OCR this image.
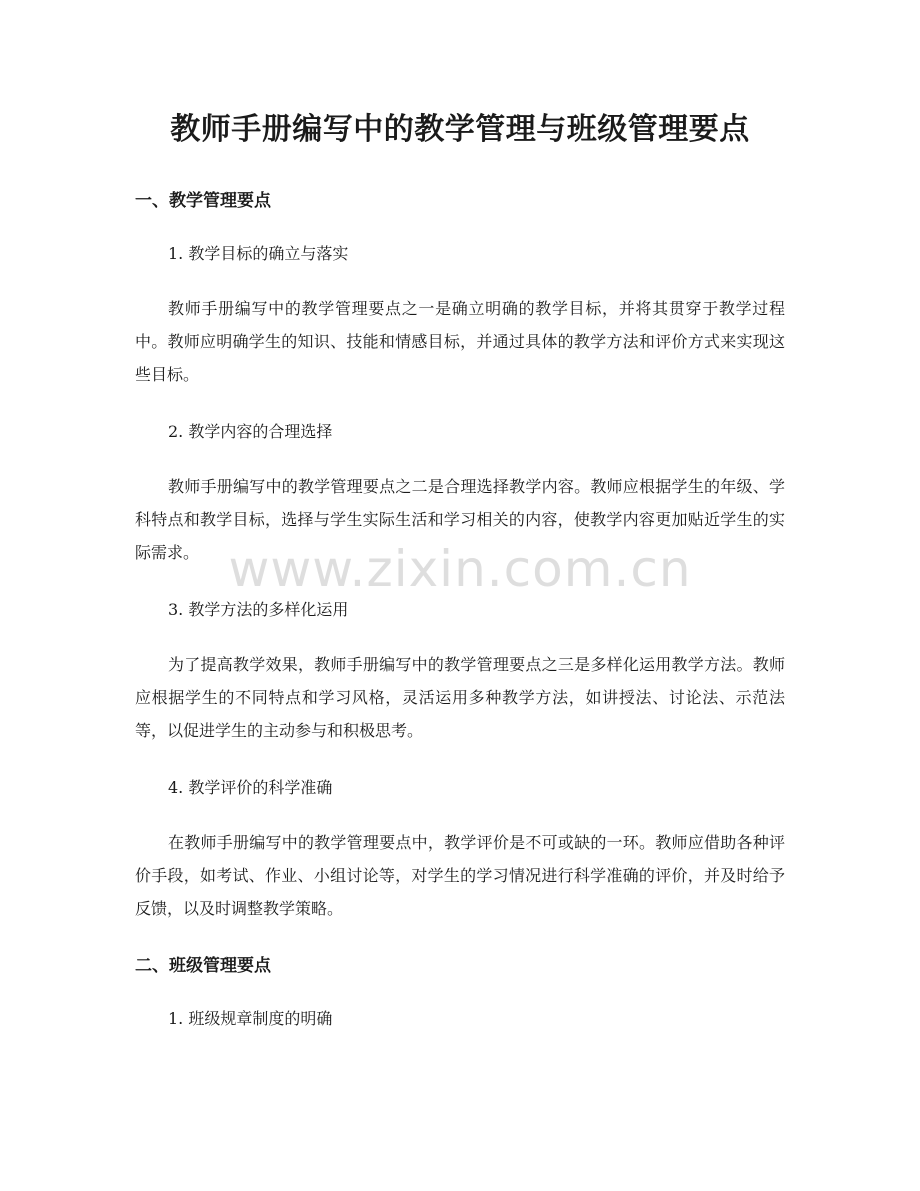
教师手册编写中的教学管理与班级管理要点
www.zixin.com.cn
一、教学管理要点
1. 教学目标的确立与落实

教师手册编写中的教学管理要点之一是确立明确的教学目标，并将其贯穿于教学过程中。教师应明确学生的知识、技能和情感目标，并通过具体的教学方法和评价方式来实现这些目标。

2. 教学内容的合理选择

教师手册编写中的教学管理要点之二是合理选择教学内容。教师应根据学生的年级、学科特点和教学目标，选择与学生实际生活和学习相关的内容，使教学内容更加贴近学生的实际需求。

3. 教学方法的多样化运用

为了提高教学效果，教师手册编写中的教学管理要点之三是多样化运用教学方法。教师应根据学生的不同特点和学习风格，灵活运用多种教学方法，如讲授法、讨论法、示范法等，以促进学生的主动参与和积极思考。

4. 教学评价的科学准确

在教师手册编写中的教学管理要点中，教学评价是不可或缺的一环。教师应借助各种评价手段，如考试、作业、小组讨论等，对学生的学习情况进行科学准确的评价，并及时给予反馈，以及时调整教学策略。

二、班级管理要点
1. 班级规章制度的明确
